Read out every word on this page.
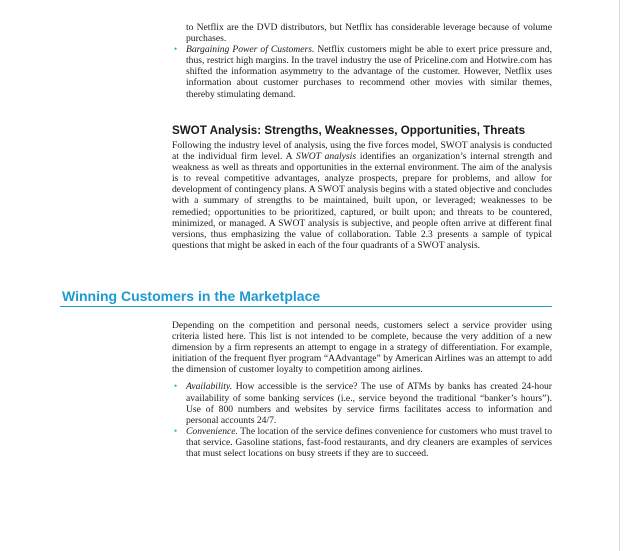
to Netflix are the DVD distributors, but Netflix has considerable leverage because of volume purchases.

• Bargaining Power of Customers. Netflix customers might be able to exert price pressure and, thus, restrict high margins. In the travel industry the use of Priceline.com and Hotwire.com has shifted the information asymmetry to the advantage of the customer. However, Netflix uses information about customer purchases to recommend other movies with similar themes, thereby stimulating demand.
SWOT Analysis: Strengths, Weaknesses, Opportunities, Threats

Following the industry level of analysis, using the five forces model, SWOT analysis is conducted at the individual firm level. A SWOT analysis identifies an organization’s internal strength and weakness as well as threats and opportunities in the external environment. The aim of the analysis is to reveal competitive advantages, analyze prospects, prepare for problems, and allow for development of contingency plans. A SWOT analysis begins with a stated objective and concludes with a summary of strengths to be maintained, built upon, or leveraged; weaknesses to be remedied; opportunities to be prioritized, captured, or built upon; and threats to be countered, minimized, or managed. A SWOT analysis is subjective, and people often arrive at different final versions, thus emphasizing the value of collaboration. Table 2.3 presents a sample of typical questions that might be asked in each of the four quadrants of a SWOT analysis.

Winning Customers in the Marketplace

Depending on the competition and personal needs, customers select a service provider using criteria listed here. This list is not intended to be complete, because the very addition of a new dimension by a firm represents an attempt to engage in a strategy of differentiation. For example, initiation of the frequent flyer program “AAdvantage” by American Airlines was an attempt to add the dimension of customer loyalty to competition among airlines.

• Availability. How accessible is the service? The use of ATMs by banks has created 24-hour availability of some banking services (i.e., service beyond the traditional “banker’s hours”). Use of 800 numbers and websites by service firms facilitates access to information and personal accounts 24/7.
• Convenience. The location of the service defines convenience for customers who must travel to that service. Gasoline stations, fast-food restaurants, and dry cleaners are examples of services that must select locations on busy streets if they are to succeed.
